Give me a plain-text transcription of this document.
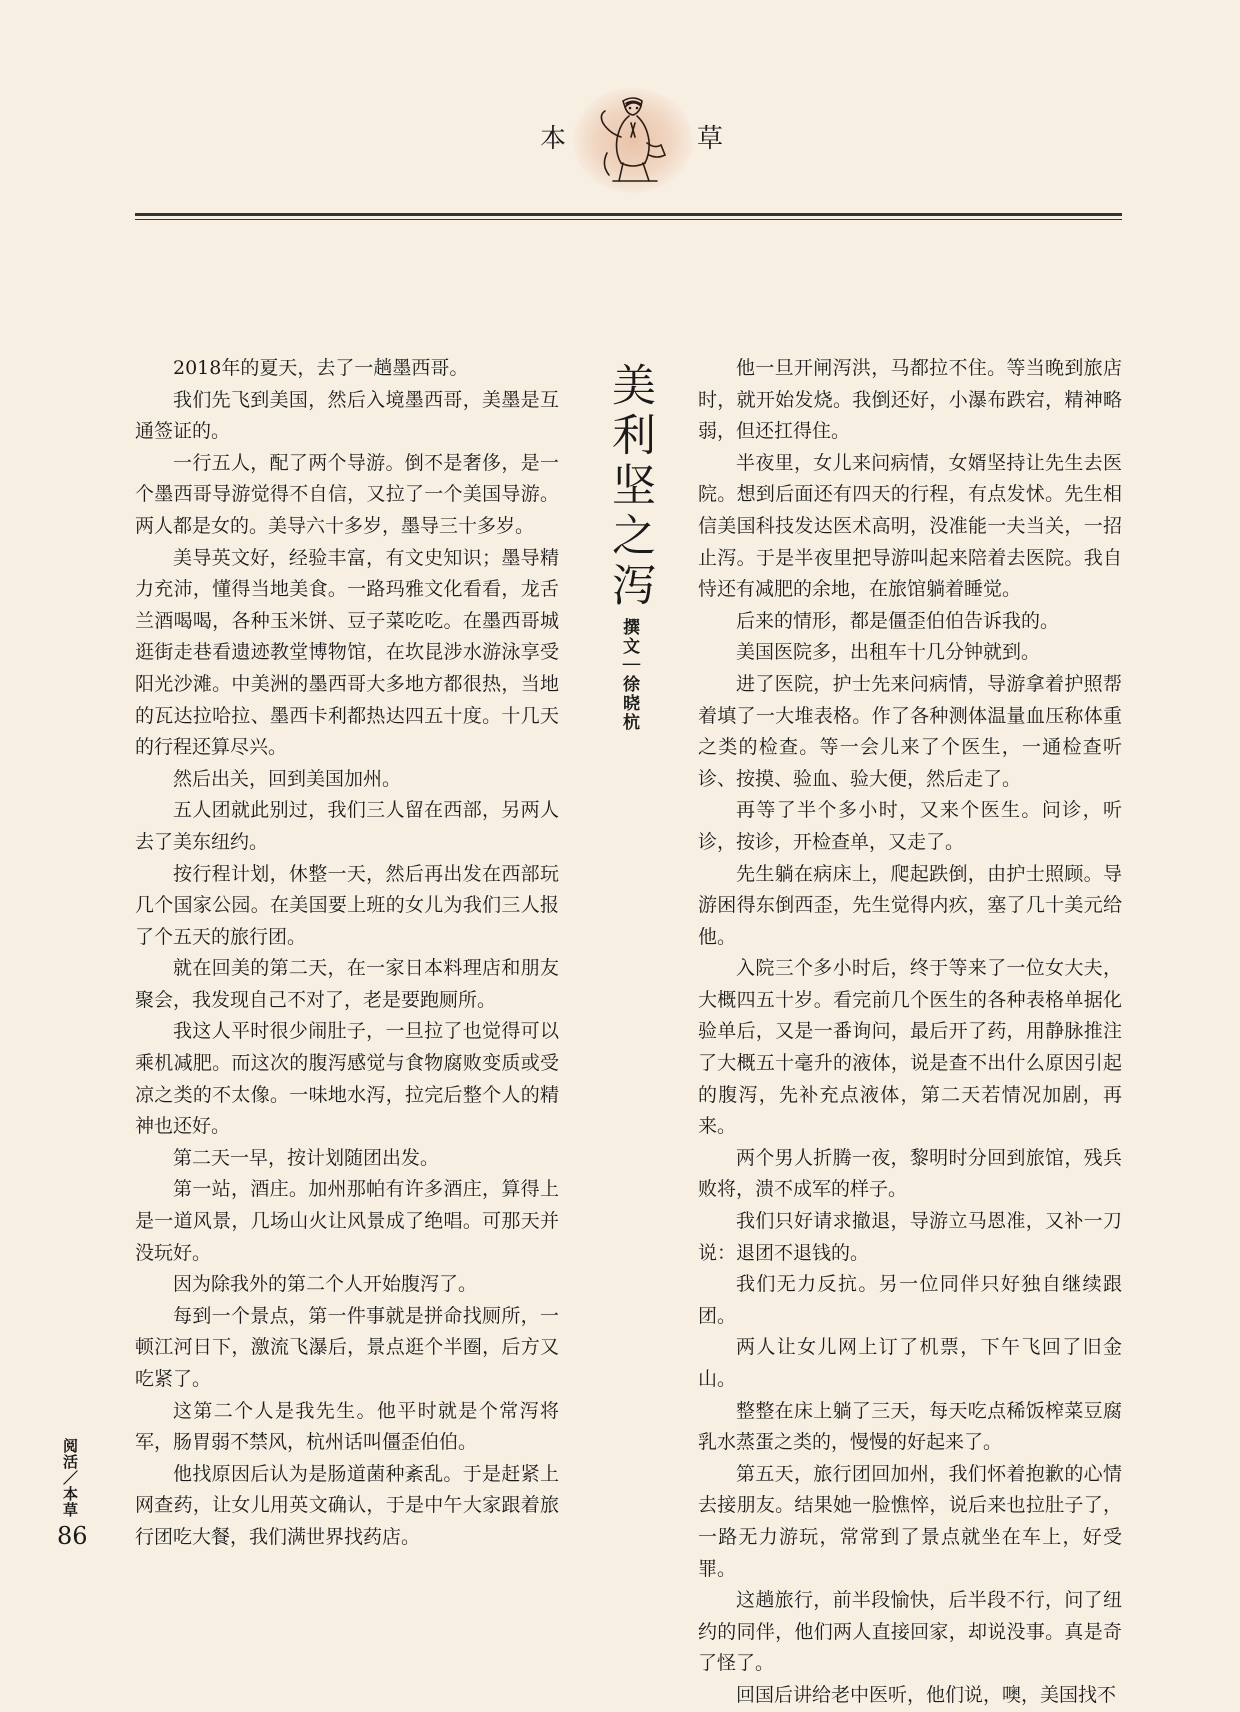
本	草

2018年的夏天，去了一趟墨西哥。

我们先飞到美国，然后入境墨西哥，美墨是互通签证的。

一行五人，配了两个导游。倒不是奢侈，是一个墨西哥导游觉得不自信，又拉了一个美国导游。两人都是女的。美导六十多岁，墨导三十多岁。

美导英文好，经验丰富，有文史知识；墨导精力充沛，懂得当地美食。一路玛雅文化看看，龙舌兰酒喝喝，各种玉米饼、豆子菜吃吃。在墨西哥城逛街走巷看遗迹教堂博物馆，在坎昆涉水游泳享受阳光沙滩。中美洲的墨西哥大多地方都很热，当地的瓦达拉哈拉、墨西卡利都热达四五十度。十几天的行程还算尽兴。

然后出关，回到美国加州。

五人团就此别过，我们三人留在西部，另两人去了美东纽约。

按行程计划，休整一天，然后再出发在西部玩几个国家公园。在美国要上班的女儿为我们三人报了个五天的旅行团。

就在回美的第二天，在一家日本料理店和朋友聚会，我发现自己不对了，老是要跑厕所。

我这人平时很少闹肚子，一旦拉了也觉得可以乘机减肥。而这次的腹泻感觉与食物腐败变质或受凉之类的不太像。一味地水泻，拉完后整个人的精神也还好。

第二天一早，按计划随团出发。

第一站，酒庄。加州那帕有许多酒庄，算得上是一道风景，几场山火让风景成了绝唱。可那天并没玩好。

因为除我外的第二个人开始腹泻了。

每到一个景点，第一件事就是拼命找厕所，一顿江河日下，激流飞瀑后，景点逛个半圈，后方又吃紧了。

这第二个人是我先生。他平时就是个常泻将军，肠胃弱不禁风，杭州话叫僵歪伯伯。

他找原因后认为是肠道菌种紊乱。于是赶紧上网查药，让女儿用英文确认，于是中午大家跟着旅行团吃大餐，我们满世界找药店。

美利坚之泻
撰文｜徐晓杭

他一旦开闸泻洪，马都拉不住。等当晚到旅店时，就开始发烧。我倒还好，小瀑布跌宕，精神略弱，但还扛得住。

半夜里，女儿来问病情，女婿坚持让先生去医院。想到后面还有四天的行程，有点发怵。先生相信美国科技发达医术高明，没准能一夫当关，一招止泻。于是半夜里把导游叫起来陪着去医院。我自恃还有减肥的余地，在旅馆躺着睡觉。

后来的情形，都是僵歪伯伯告诉我的。

美国医院多，出租车十几分钟就到。

进了医院，护士先来问病情，导游拿着护照帮着填了一大堆表格。作了各种测体温量血压称体重之类的检查。等一会儿来了个医生，一通检查听诊、按摸、验血、验大便，然后走了。

再等了半个多小时，又来个医生。问诊，听诊，按诊，开检查单，又走了。

先生躺在病床上，爬起跌倒，由护士照顾。导游困得东倒西歪，先生觉得内疚，塞了几十美元给他。

入院三个多小时后，终于等来了一位女大夫，大概四五十岁。看完前几个医生的各种表格单据化验单后，又是一番询问，最后开了药，用静脉推注了大概五十毫升的液体，说是查不出什么原因引起的腹泻，先补充点液体，第二天若情况加剧，再来。

两个男人折腾一夜，黎明时分回到旅馆，残兵败将，溃不成军的样子。

我们只好请求撤退，导游立马恩准，又补一刀说：退团不退钱的。

我们无力反抗。另一位同伴只好独自继续跟团。

两人让女儿网上订了机票，下午飞回了旧金山。

整整在床上躺了三天，每天吃点稀饭榨菜豆腐乳水蒸蛋之类的，慢慢的好起来了。

第五天，旅行团回加州，我们怀着抱歉的心情去接朋友。结果她一脸憔悴，说后来也拉肚子了，一路无力游玩，常常到了景点就坐在车上，好受罪。

这趟旅行，前半段愉快，后半段不行，问了纽约的同伴，他们两人直接回家，却说没事。真是奇了怪了。

回国后讲给老中医听，他们说，噢，美国找不

阅活／本草
86
